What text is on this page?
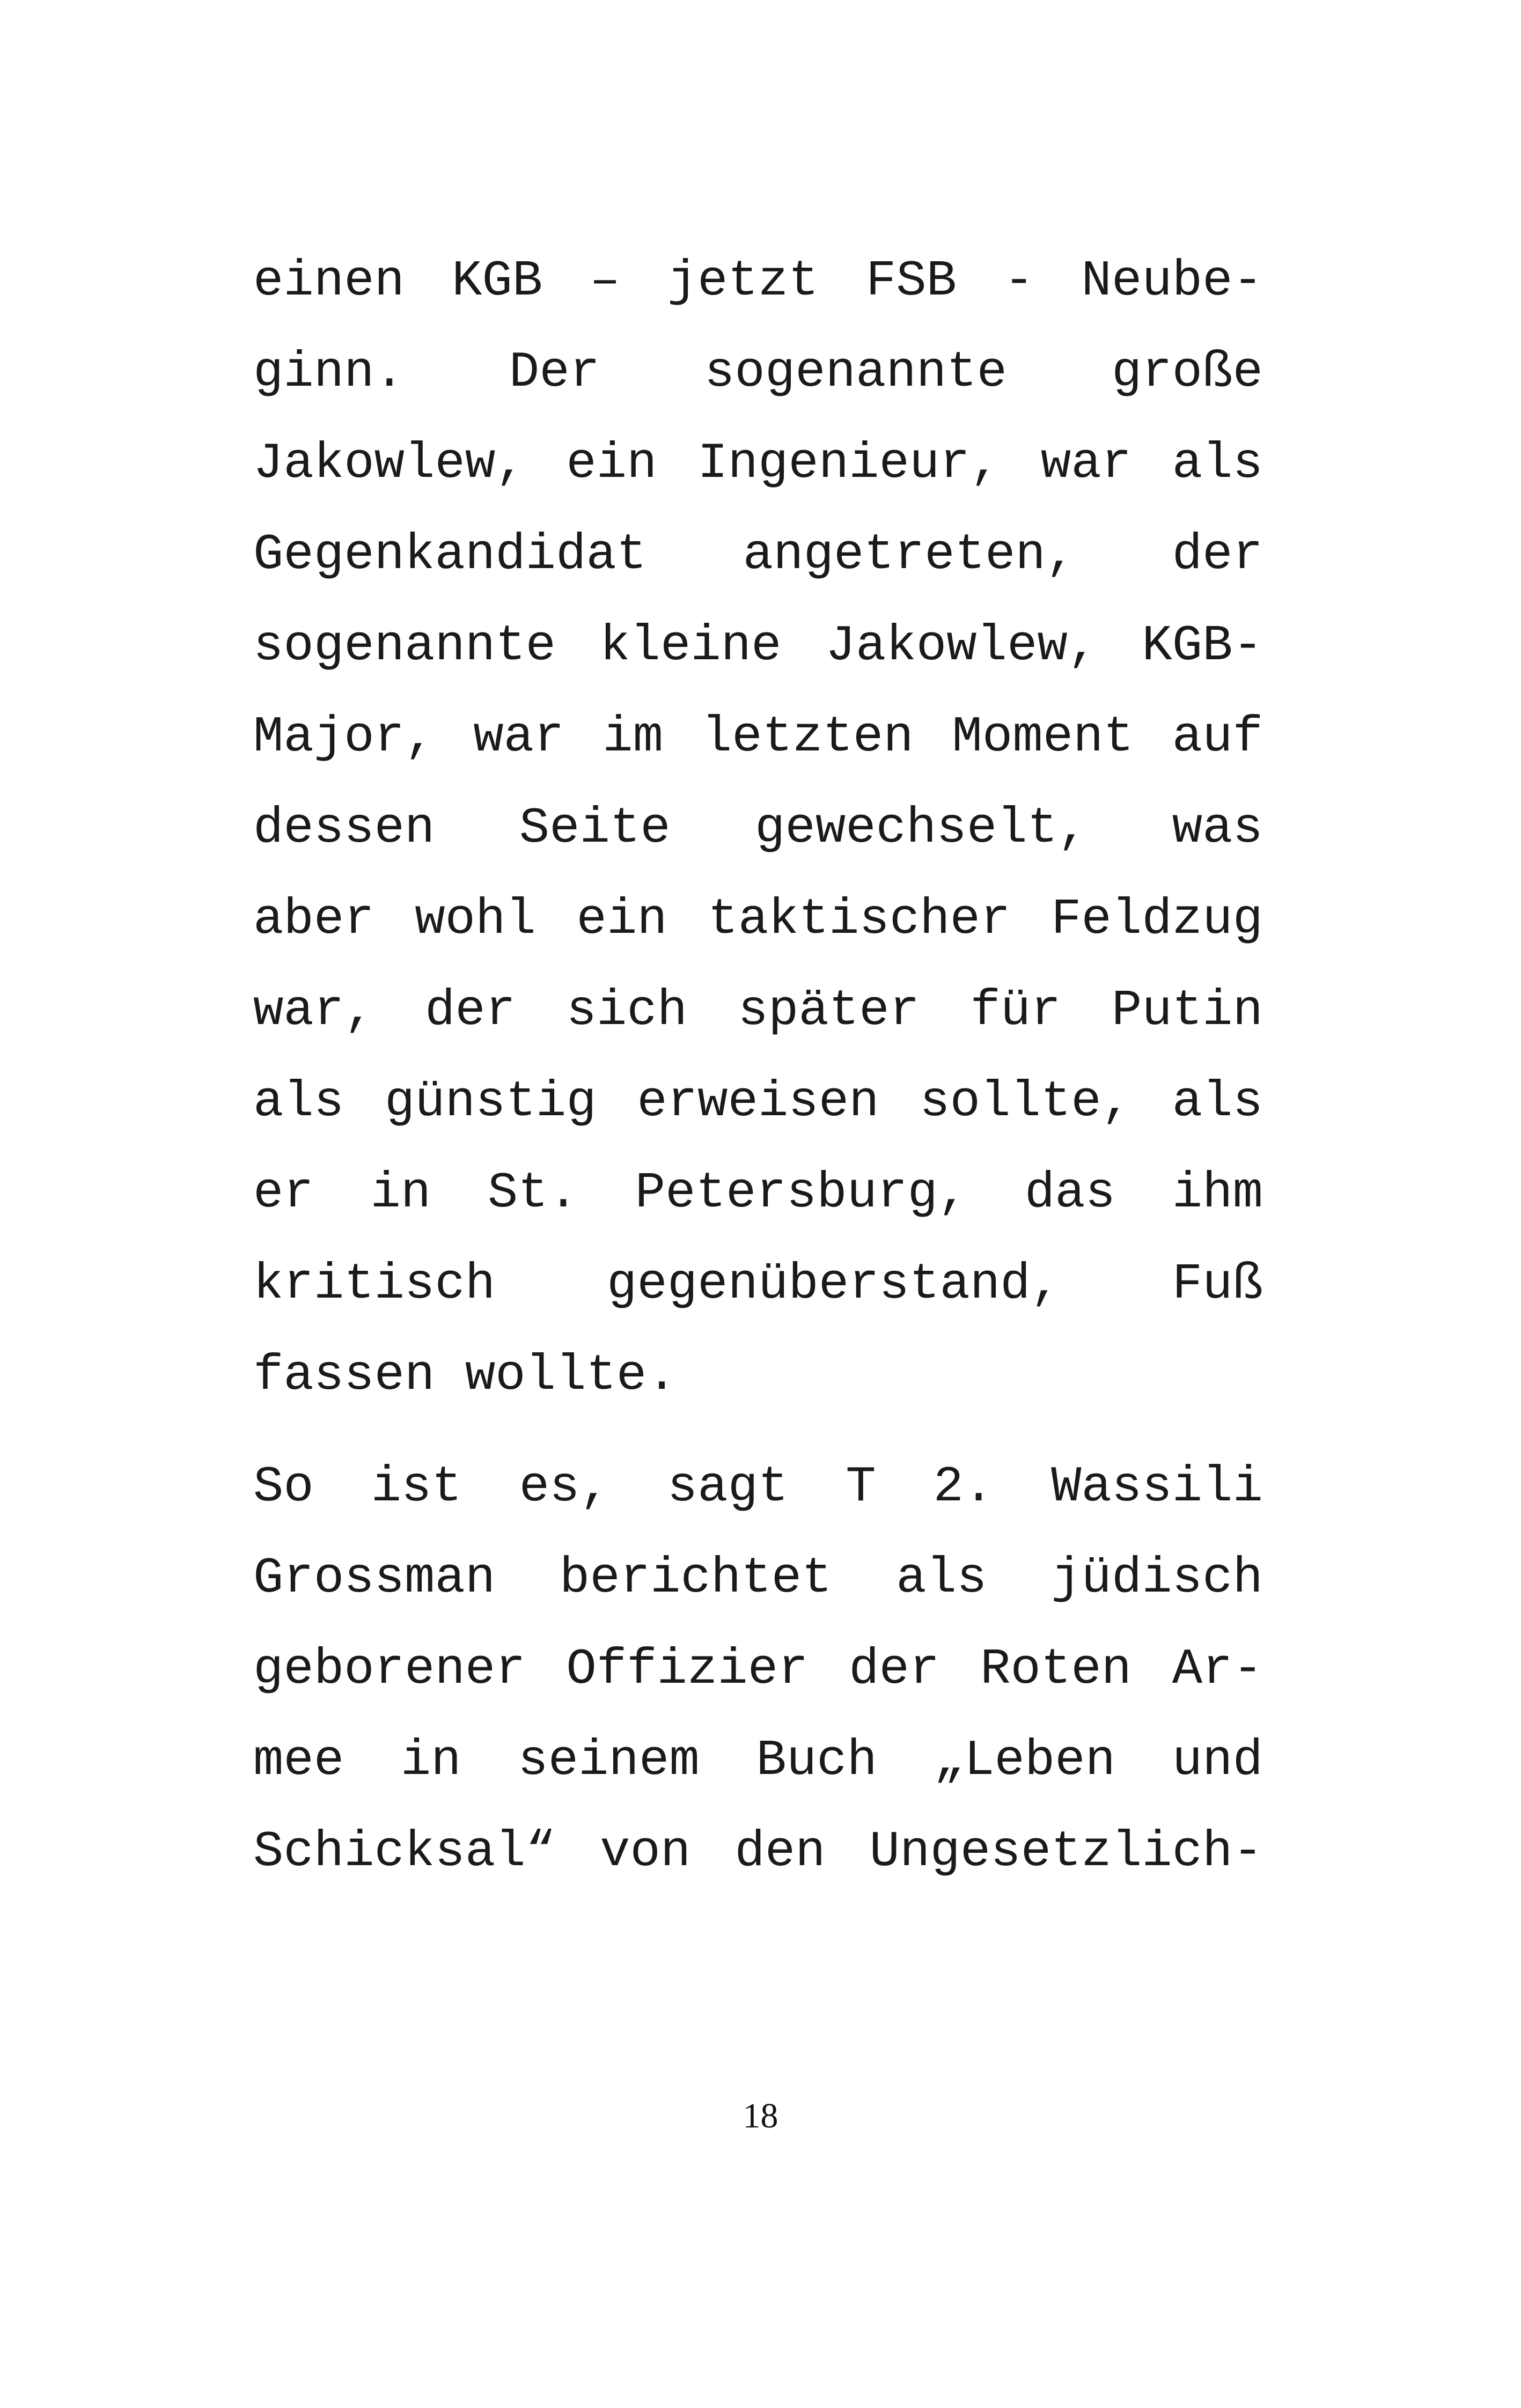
einen KGB – jetzt FSB - Neube-
ginn. Der sogenannte große
Jakowlew, ein Ingenieur, war als
Gegenkandidat angetreten, der
sogenannte kleine Jakowlew, KGB-
Major, war im letzten Moment auf
dessen Seite gewechselt, was
aber wohl ein taktischer Feldzug
war, der sich später für Putin
als günstig erweisen sollte, als
er in St. Petersburg, das ihm
kritisch gegenüberstand, Fuß
fassen wollte.
So ist es, sagt T 2. Wassili
Grossman berichtet als jüdisch
geborener Offizier der Roten Ar-
mee in seinem Buch „Leben und
Schicksal“ von den Ungesetzlich-
18
